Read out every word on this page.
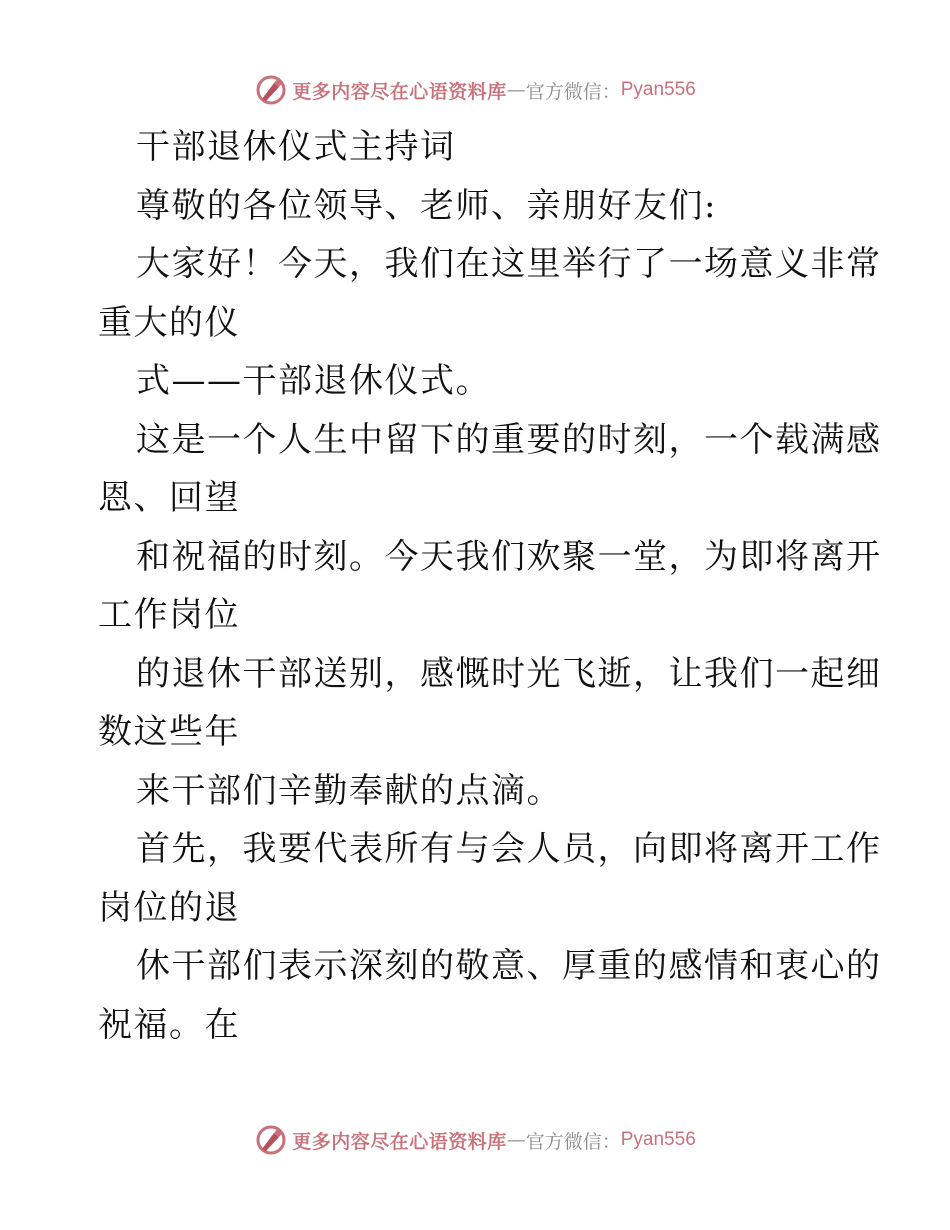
更多内容尽在心语资料库 — 官方微信： Pyan556
干部退休仪式主持词
尊敬的各位领导、老师、亲朋好友们:
大家好！今天，我们在这里举行了一场意义非常
重大的仪
式——干部退休仪式。
这是一个人生中留下的重要的时刻，一个载满感
恩、回望
和祝福的时刻。今天我们欢聚一堂，为即将离开
工作岗位
的退休干部送别，感慨时光飞逝，让我们一起细
数这些年
来干部们辛勤奉献的点滴。
首先，我要代表所有与会人员，向即将离开工作
岗位的退
休干部们表示深刻的敬意、厚重的感情和衷心的
祝福。在
更多内容尽在心语资料库 — 官方微信： Pyan556
